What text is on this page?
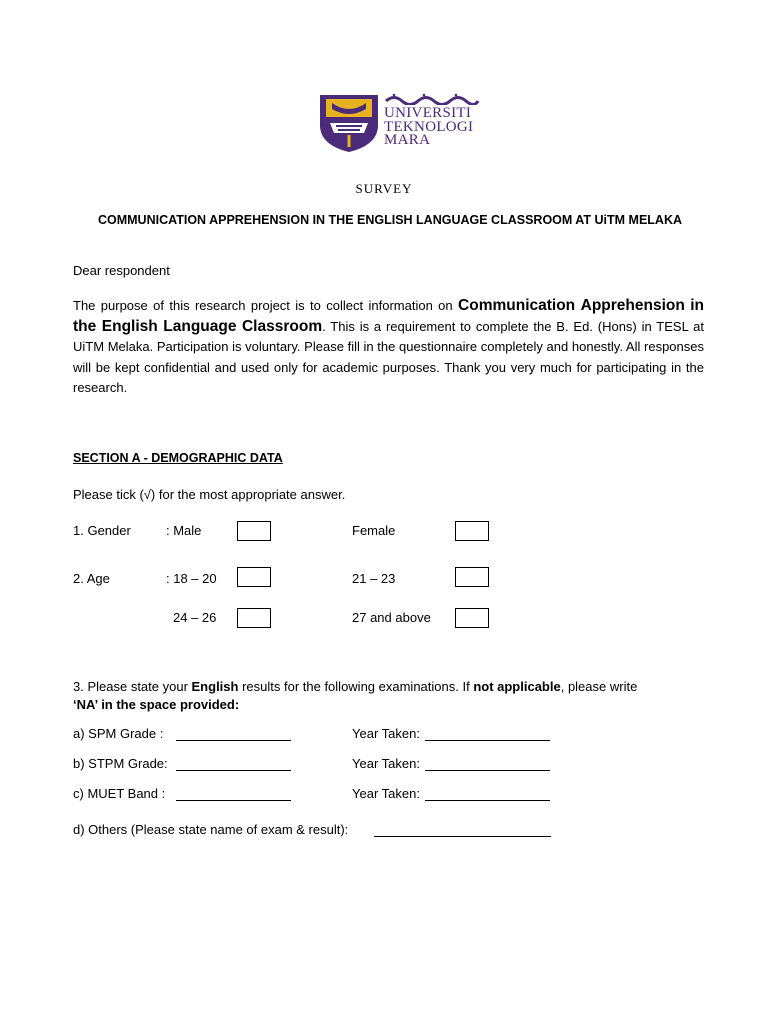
UNIVERSITI
TEKNOLOGI
MARA
SURVEY
COMMUNICATION APPREHENSION IN THE ENGLISH LANGUAGE CLASSROOM AT UiTM MELAKA
Dear respondent
The purpose of this research project is to collect information on Communication Apprehension in the English Language Classroom. This is a requirement to complete the B. Ed. (Hons) in TESL at UiTM Melaka. Participation is voluntary. Please fill in the questionnaire completely and honestly. All responses will be kept confidential and used only for academic purposes. Thank you very much for participating in the research.
SECTION A - DEMOGRAPHIC DATA
Please tick (√) for the most appropriate answer.
1. Gender	: Male	Female
2. Age	: 18 – 20	21 – 23
24 – 26	27 and above
3. Please state your English results for the following examinations. If not applicable, please write
‘NA’ in the space provided:
a) SPM Grade :	Year Taken:
b) STPM Grade:	Year Taken:
c) MUET Band :	Year Taken:
d) Others (Please state name of exam & result):
